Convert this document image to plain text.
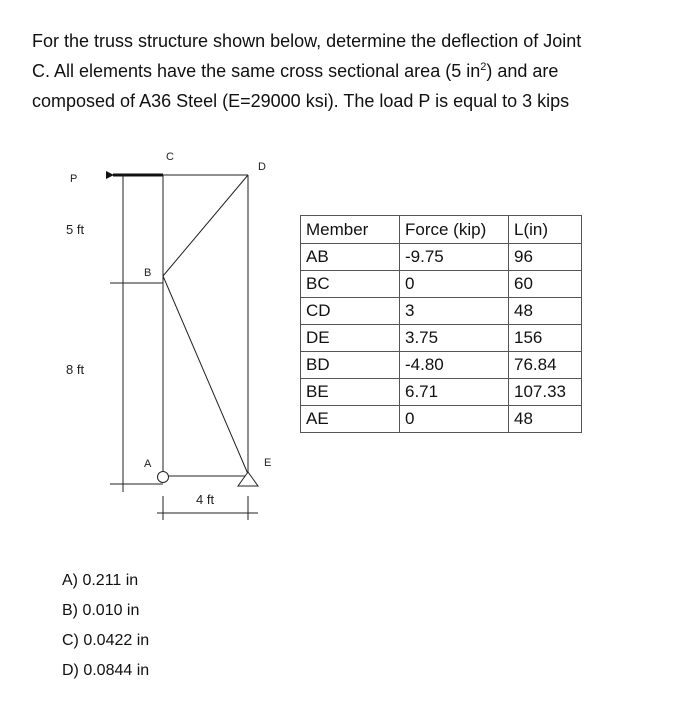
For the truss structure shown below, determine the deflection of Joint
C. All elements have the same cross sectional area (5 $in^2$) and are
composed of A36 Steel (E=29000 ksi). The load P is equal to 3 kips
P
C
D
B
A	E
5 ft
8 ft
4 ft
Member	Force (kip)	L(in)
AB	-9.75	96
BC	0	60
CD	3	48
DE	3.75	156
BD	-4.80	76.84
BE	6.71	107.33
AE	0	48
A) 0.211 in
B) 0.010 in
C) 0.0422 in
D) 0.0844 in
